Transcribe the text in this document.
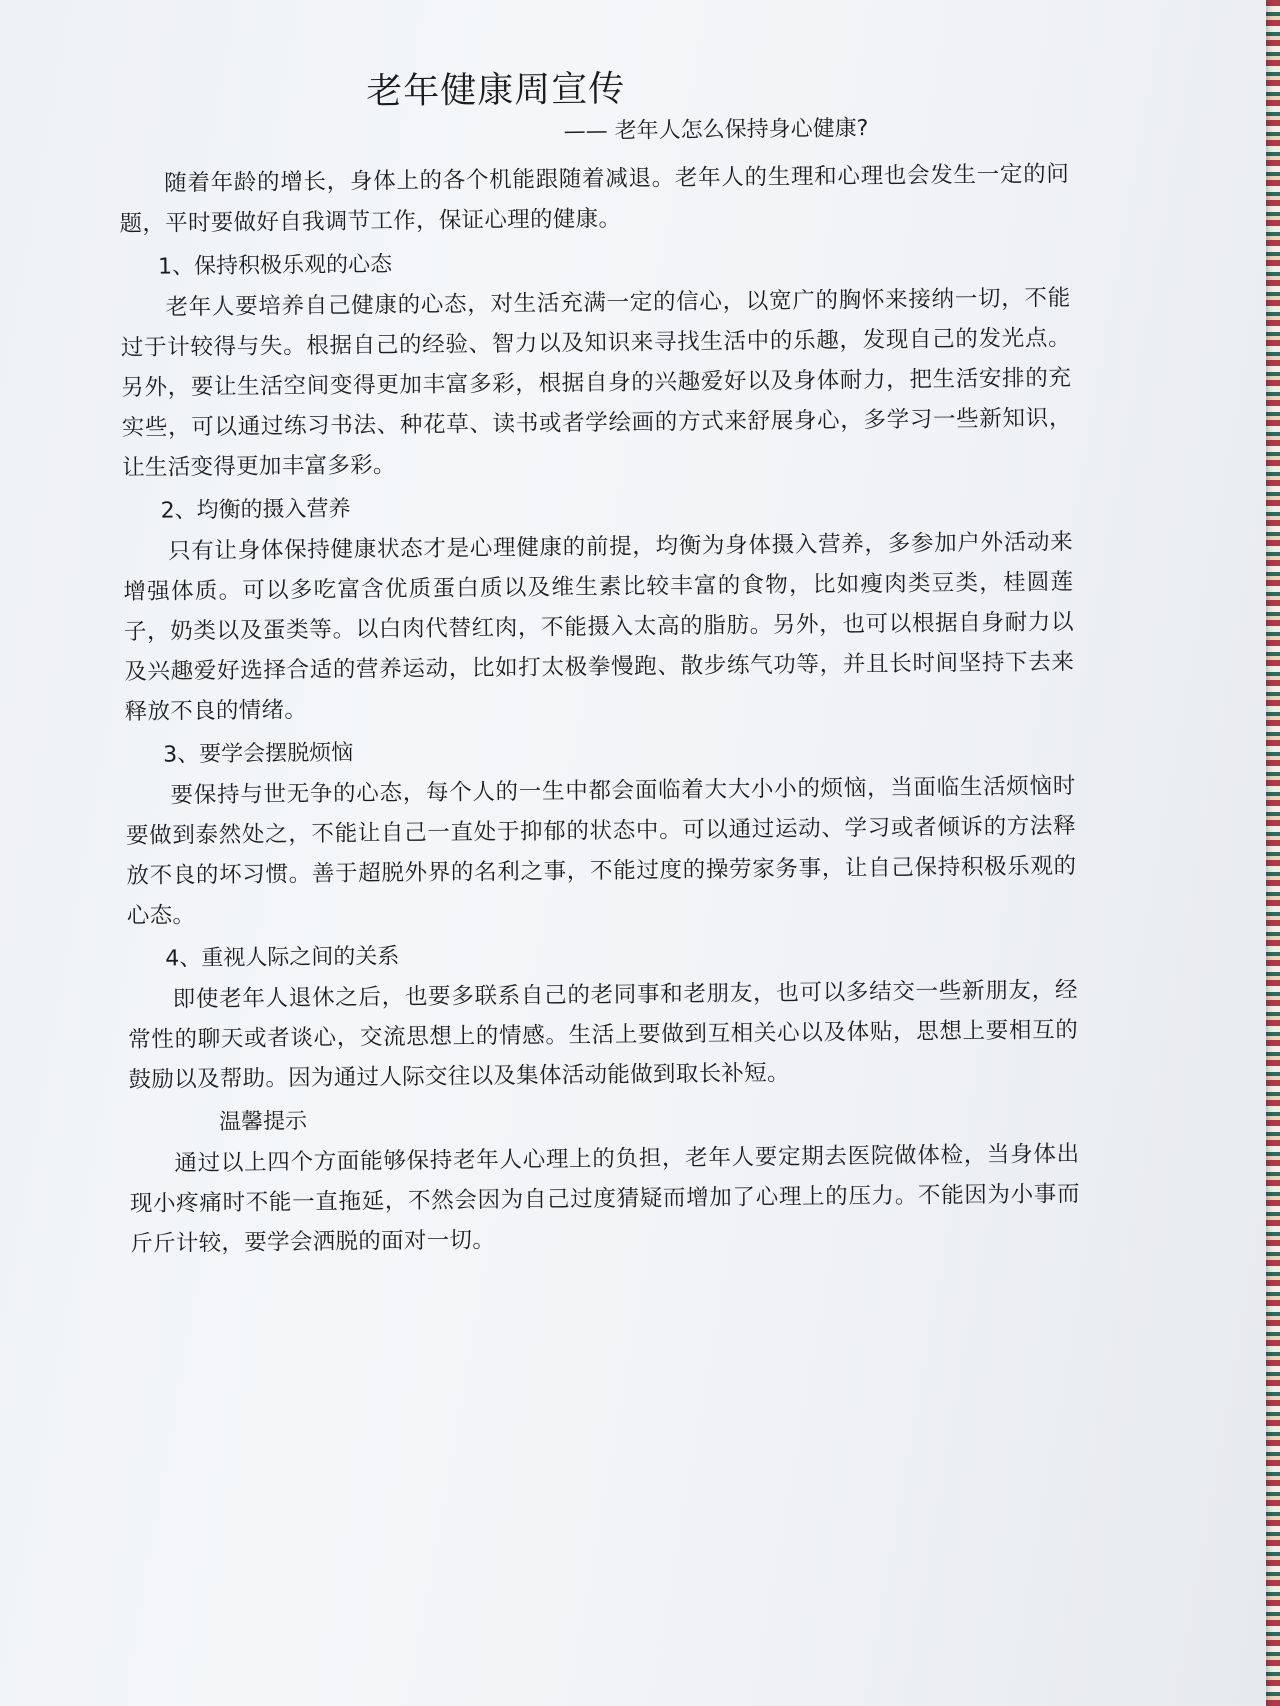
老年健康周宣传
—— 老年人怎么保持身心健康?

随着年龄的增长，身体上的各个机能跟随着减退。老年人的生理和心理也会发生一定的问题，平时要做好自我调节工作，保证心理的健康。

1、保持积极乐观的心态

老年人要培养自己健康的心态，对生活充满一定的信心，以宽广的胸怀来接纳一切，不能过于计较得与失。根据自己的经验、智力以及知识来寻找生活中的乐趣，发现自己的发光点。另外，要让生活空间变得更加丰富多彩，根据自身的兴趣爱好以及身体耐力，把生活安排的充实些，可以通过练习书法、种花草、读书或者学绘画的方式来舒展身心，多学习一些新知识，让生活变得更加丰富多彩。

2、均衡的摄入营养

只有让身体保持健康状态才是心理健康的前提，均衡为身体摄入营养，多参加户外活动来增强体质。可以多吃富含优质蛋白质以及维生素比较丰富的食物，比如瘦肉类豆类，桂圆莲子，奶类以及蛋类等。以白肉代替红肉，不能摄入太高的脂肪。另外，也可以根据自身耐力以及兴趣爱好选择合适的营养运动，比如打太极拳慢跑、散步练气功等，并且长时间坚持下去来释放不良的情绪。

3、要学会摆脱烦恼

要保持与世无争的心态，每个人的一生中都会面临着大大小小的烦恼，当面临生活烦恼时要做到泰然处之，不能让自己一直处于抑郁的状态中。可以通过运动、学习或者倾诉的方法释放不良的坏习惯。善于超脱外界的名利之事，不能过度的操劳家务事，让自己保持积极乐观的心态。

4、重视人际之间的关系

即使老年人退休之后，也要多联系自己的老同事和老朋友，也可以多结交一些新朋友，经常性的聊天或者谈心，交流思想上的情感。生活上要做到互相关心以及体贴，思想上要相互的鼓励以及帮助。因为通过人际交往以及集体活动能做到取长补短。

温馨提示

通过以上四个方面能够保持老年人心理上的负担，老年人要定期去医院做体检，当身体出现小疼痛时不能一直拖延，不然会因为自己过度猜疑而增加了心理上的压力。不能因为小事而斤斤计较，要学会洒脱的面对一切。
